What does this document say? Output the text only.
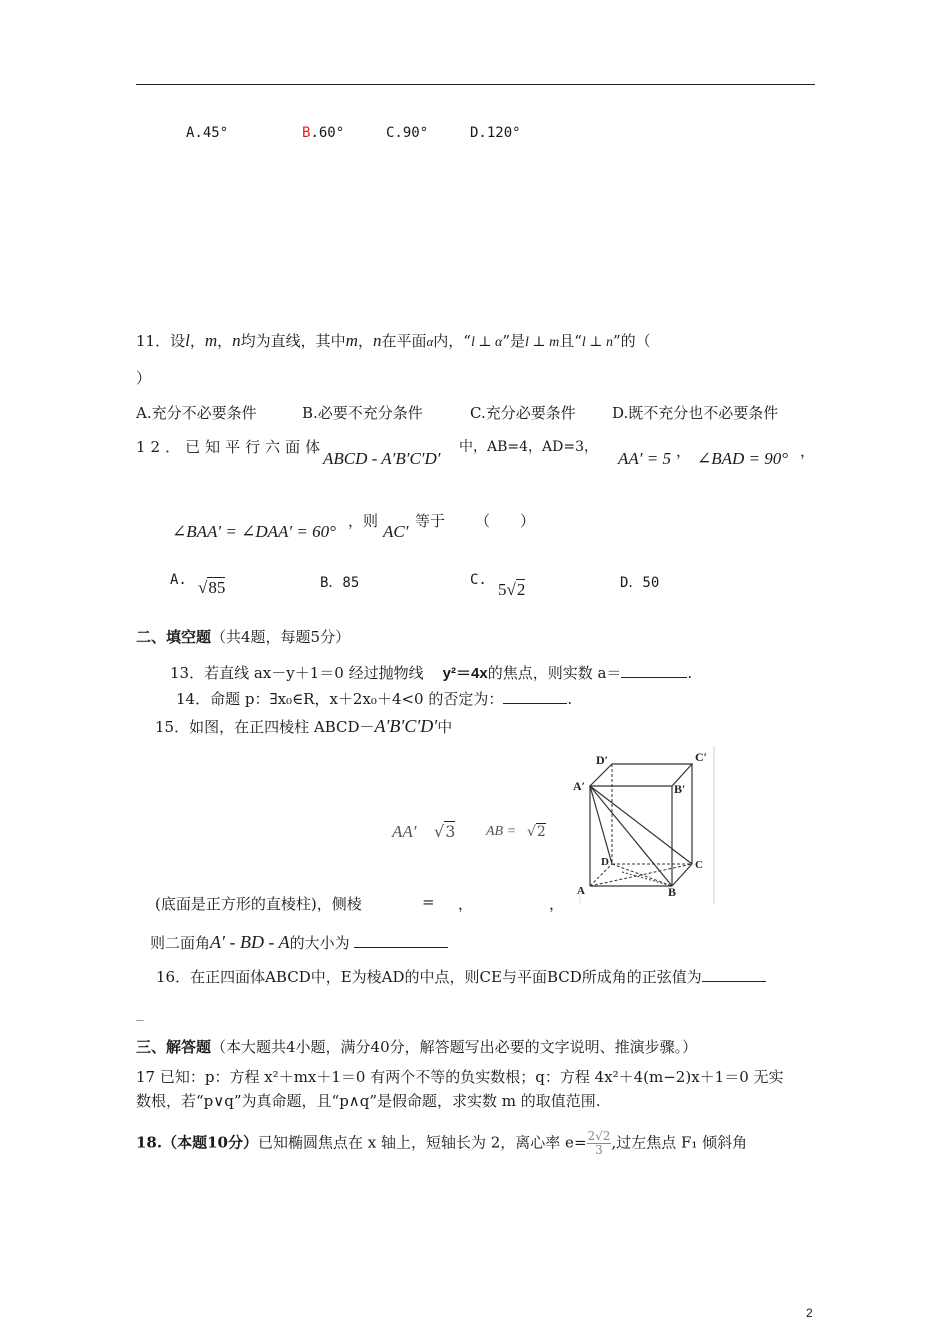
A.45°	B.60°	C.90°	D.120°
11．设l，m，n均为直线，其中m，n在平面α内，“l ⊥ α”是l ⊥ m且“l ⊥ n”的（
）
A.充分不必要条件	B.必要不充分条件	C.充分必要条件 D.既不充分也不必要条件
12．已知平行六面体
ABCD - A′B′C′D′
中，AB=4，AD=3，
AA′ = 5 ， ∠BAD = 90° ，
∠BAA′ = ∠DAA′ = 60°
，则
AC′
等于 （　　）
A. √85	B．85	C. 5√2	D．50
二、填空题（共4题，每题5分）
13．若直线 ax－y＋1＝0 经过抛物线 y²＝4x的焦点，则实数 a＝	.
14．命题 p：∃x₀∈R，x＋2x₀＋4<0 的否定为：	.
15．如图，在正四棱柱 ABCD－A′B′C′D′中
AA′ √3 AB = √2
(底面是正方形的直棱柱)，侧棱	= ，	，
则二面角A′ - BD - A的大小为
D′	C′
A′	B′
D	C
A	B
16．在正四面体ABCD中，E为棱AD的中点，则CE与平面BCD所成角的正弦值为
_
三、解答题（本大题共4小题，满分40分，解答题写出必要的文字说明、推演步骤。）
17 已知：p：方程 x²＋mx＋1＝0 有两个不等的负实数根；q：方程 4x²＋4(m−2)x＋1＝0 无实
数根，若“p∨q”为真命题，且“p∧q”是假命题，求实数 m 的取值范围.
18.（本题10分）已知椭圆焦点在 x 轴上，短轴长为 2，离心率 $e= \frac{2√2}{3}$ ,过左焦点 F₁ 倾斜角
2
